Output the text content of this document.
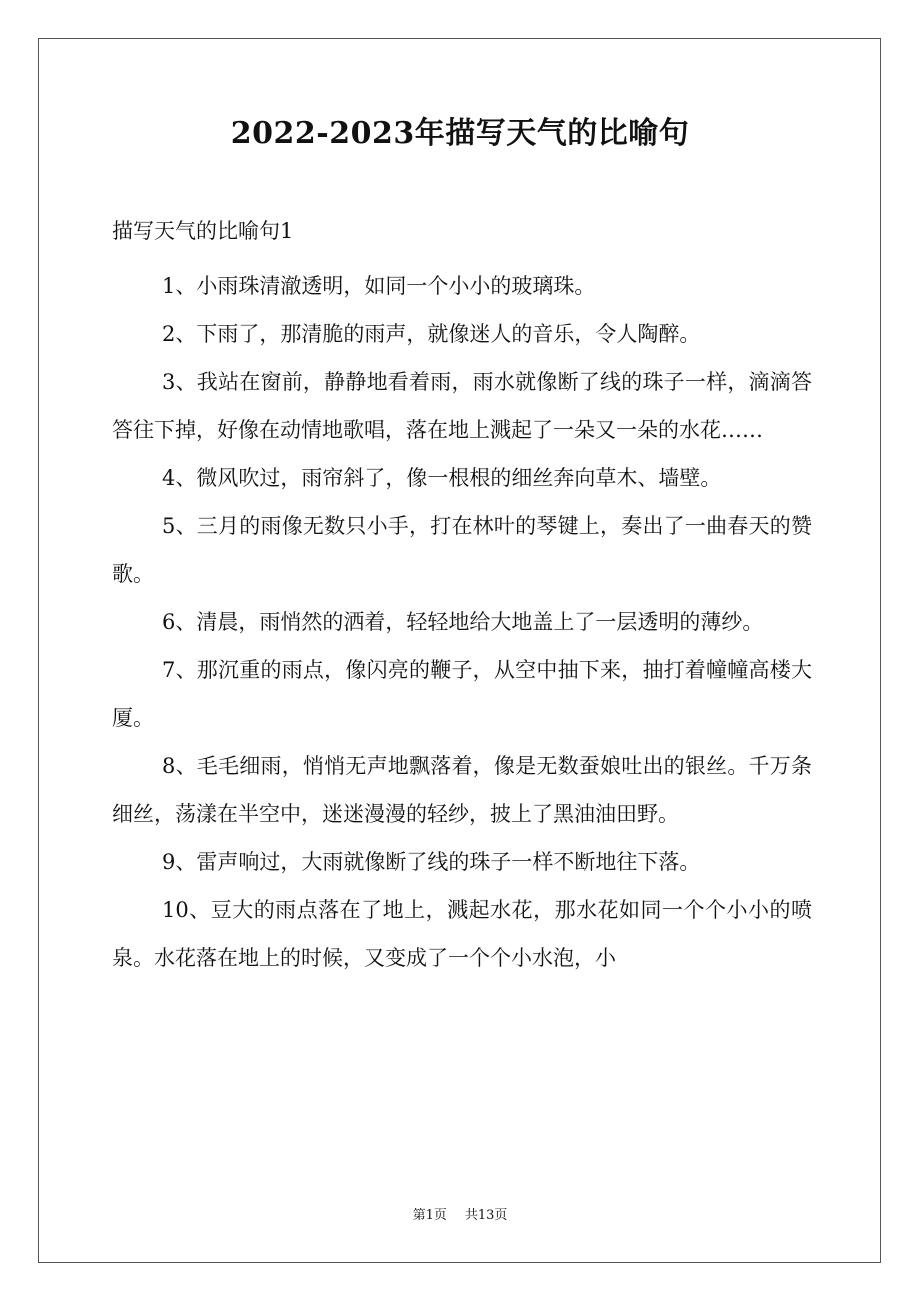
2022-2023年描写天气的比喻句
描写天气的比喻句1

1、小雨珠清澈透明，如同一个小小的玻璃珠。

2、下雨了，那清脆的雨声，就像迷人的音乐，令人陶醉。

3、我站在窗前，静静地看着雨，雨水就像断了线的珠子一样，滴滴答答往下掉，好像在动情地歌唱，落在地上溅起了一朵又一朵的水花……

4、微风吹过，雨帘斜了，像一根根的细丝奔向草木、墙壁。

5、三月的雨像无数只小手，打在林叶的琴键上，奏出了一曲春天的赞歌。

6、清晨，雨悄然的洒着，轻轻地给大地盖上了一层透明的薄纱。

7、那沉重的雨点，像闪亮的鞭子，从空中抽下来，抽打着幢幢高楼大厦。

8、毛毛细雨，悄悄无声地飘落着，像是无数蚕娘吐出的银丝。千万条细丝，荡漾在半空中，迷迷漫漫的轻纱，披上了黑油油田野。

9、雷声响过，大雨就像断了线的珠子一样不断地往下落。

10、豆大的雨点落在了地上，溅起水花，那水花如同一个个小小的喷泉。水花落在地上的时候，又变成了一个个小水泡，小

第1页 共13页
